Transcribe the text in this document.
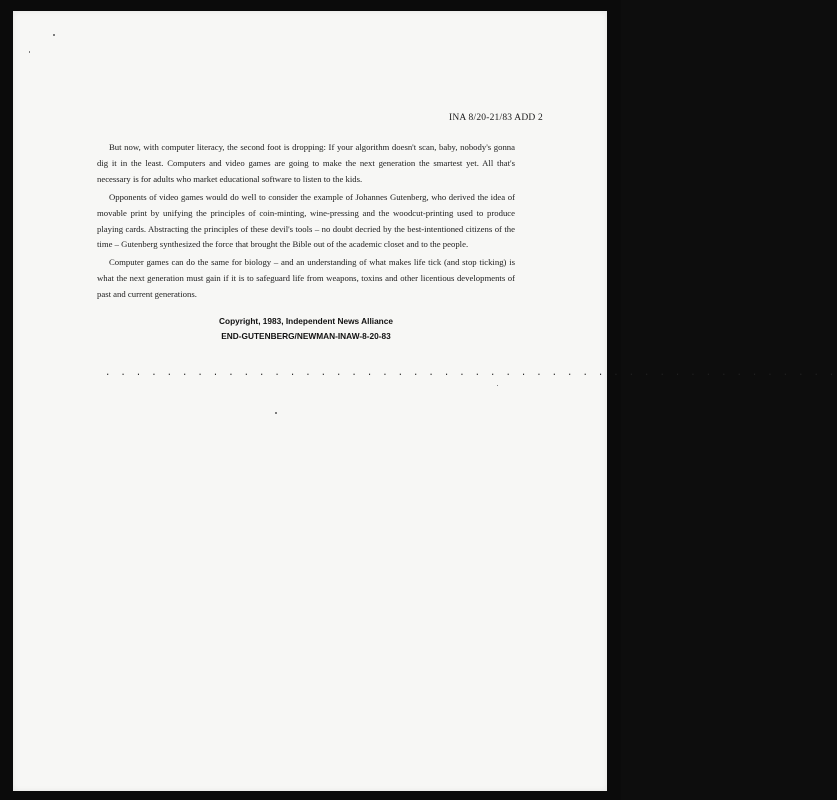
INA 8/20-21/83 ADD 2

But now, with computer literacy, the second foot is dropping: If your algorithm doesn't scan, baby, nobody's gonna dig it in the least. Computers and video games are going to make the next generation the smartest yet. All that's necessary is for adults who market educational software to listen to the kids.

Opponents of video games would do well to consider the example of Johannes Gutenberg, who derived the idea of movable print by unifying the principles of coin-minting, wine-pressing and the woodcut-printing used to produce playing cards. Abstracting the principles of these devil's tools – no doubt decried by the best-intentioned citizens of the time – Gutenberg synthesized the force that brought the Bible out of the academic closet and to the people.

Computer games can do the same for biology – and an understanding of what makes life tick (and stop ticking) is what the next generation must gain if it is to safeguard life from weapons, toxins and other licentious developments of past and current generations.

Copyright, 1983, Independent News Alliance
END-GUTENBERG/NEWMAN-INAW-8-20-83
. . . . . . . . . . . . . . . . . . . . . . . . . . . . . . . . . . . . . . . . . . . . . . . .
